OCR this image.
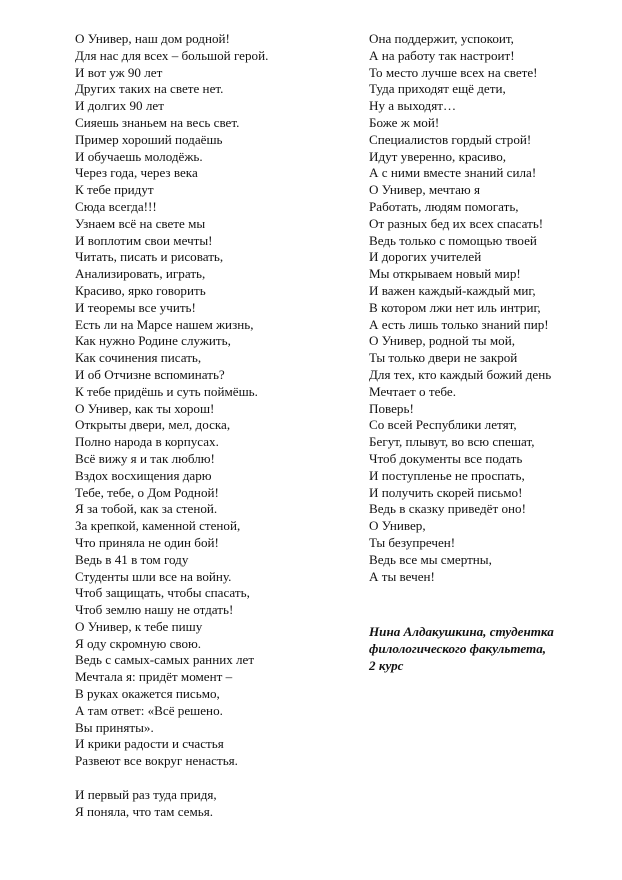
О Универ, наш дом родной!
Для нас для всех – большой герой.
И вот уж 90 лет
Других таких на свете нет.
И долгих 90 лет
Сияешь знаньем на весь свет.
Пример хороший подаёшь
И обучаешь молодёжь.
Через года, через века
К тебе придут
Сюда всегда!!!
Узнаем всё на свете мы
И воплотим свои мечты!
Читать, писать и рисовать,
Анализировать, играть,
Красиво, ярко говорить
И теоремы все учить!
Есть ли на Марсе нашем жизнь,
Как нужно Родине служить,
Как сочинения писать,
И об Отчизне вспоминать?
К тебе придёшь и суть поймёшь.
О Универ, как ты хорош!
Открыты двери, мел, доска,
Полно народа в корпусах.
Всё вижу я и так люблю!
Вздох восхищения дарю
Тебе, тебе, о Дом Родной!
Я за тобой, как за стеной.
За крепкой, каменной стеной,
Что приняла не один бой!
Ведь в 41 в том году
Студенты шли все на войну.
Чтоб защищать, чтобы спасать,
Чтоб землю нашу не отдать!
О Универ, к тебе пишу
Я оду скромную свою.
Ведь с самых-самых ранних лет
Мечтала я: придёт момент –
В руках окажется письмо,
А там ответ: «Всё решено.
Вы приняты».
И крики радости и счастья
Развеют все вокруг ненастья.
И первый раз туда придя,
Я поняла, что там семья.
Она поддержит, успокоит,
А на работу так настроит!
То место лучше всех на свете!
Туда приходят ещё дети,
Ну а выходят…
Боже ж мой!
Специалистов гордый строй!
Идут уверенно, красиво,
А с ними вместе знаний сила!
О Универ, мечтаю я
Работать, людям помогать,
От разных бед их всех спасать!
Ведь только с помощью твоей
И дорогих учителей
Мы открываем новый мир!
И важен каждый-каждый миг,
В котором лжи нет иль интриг,
А есть лишь только знаний пир!
О Универ, родной ты мой,
Ты только двери не закрой
Для тех, кто каждый божий день
Мечтает о тебе.
Поверь!
Со всей Республики летят,
Бегут, плывут, во всю спешат,
Чтоб документы все подать
И поступленье не проспать,
И получить скорей письмо!
Ведь в сказку приведёт оно!
О Универ,
Ты безупречен!
Ведь все мы смертны,
А ты вечен!
Нина Алдакушкина, студентка
филологического факультета,
2 курс
